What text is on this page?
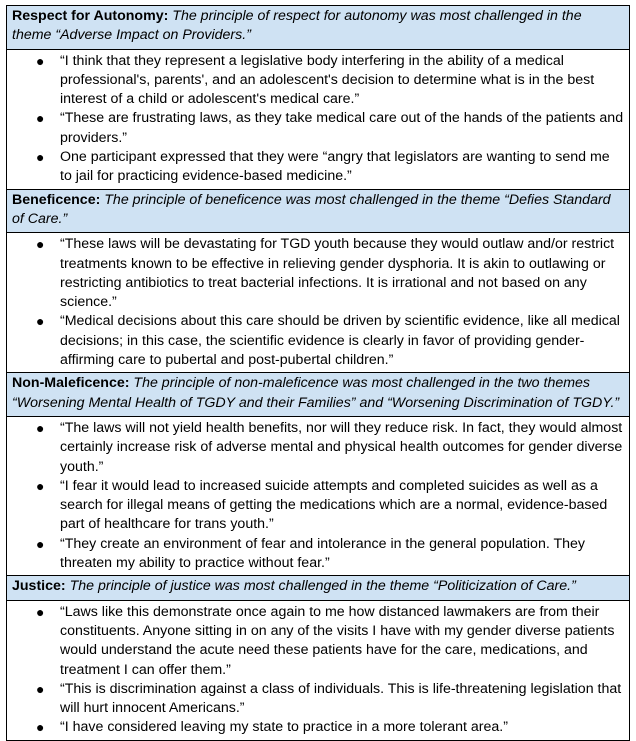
Respect for Autonomy: The principle of respect for autonomy was most challenged in the theme “Adverse Impact on Providers.”

● “I think that they represent a legislative body interfering in the ability of a medical professional's, parents', and an adolescent's decision to determine what is in the best interest of a child or adolescent's medical care.”
● “These are frustrating laws, as they take medical care out of the hands of the patients and providers.”
● One participant expressed that they were “angry that legislators are wanting to send me to jail for practicing evidence-based medicine.”

Beneficence: The principle of beneficence was most challenged in the theme “Defies Standard of Care.”

● “These laws will be devastating for TGD youth because they would outlaw and/or restrict treatments known to be effective in relieving gender dysphoria. It is akin to outlawing or restricting antibiotics to treat bacterial infections. It is irrational and not based on any science.”
● “Medical decisions about this care should be driven by scientific evidence, like all medical decisions; in this case, the scientific evidence is clearly in favor of providing gender-affirming care to pubertal and post-pubertal children.”

Non-Maleficence: The principle of non-maleficence was most challenged in the two themes “Worsening Mental Health of TGDY and their Families” and “Worsening Discrimination of TGDY.”

● “The laws will not yield health benefits, nor will they reduce risk. In fact, they would almost certainly increase risk of adverse mental and physical health outcomes for gender diverse youth.”
● “I fear it would lead to increased suicide attempts and completed suicides as well as a search for illegal means of getting the medications which are a normal, evidence-based part of healthcare for trans youth.”
● “They create an environment of fear and intolerance in the general population. They threaten my ability to practice without fear.”

Justice: The principle of justice was most challenged in the theme “Politicization of Care.”

● “Laws like this demonstrate once again to me how distanced lawmakers are from their constituents. Anyone sitting in on any of the visits I have with my gender diverse patients would understand the acute need these patients have for the care, medications, and treatment I can offer them.”
● “This is discrimination against a class of individuals. This is life-threatening legislation that will hurt innocent Americans.”
● “I have considered leaving my state to practice in a more tolerant area.”
